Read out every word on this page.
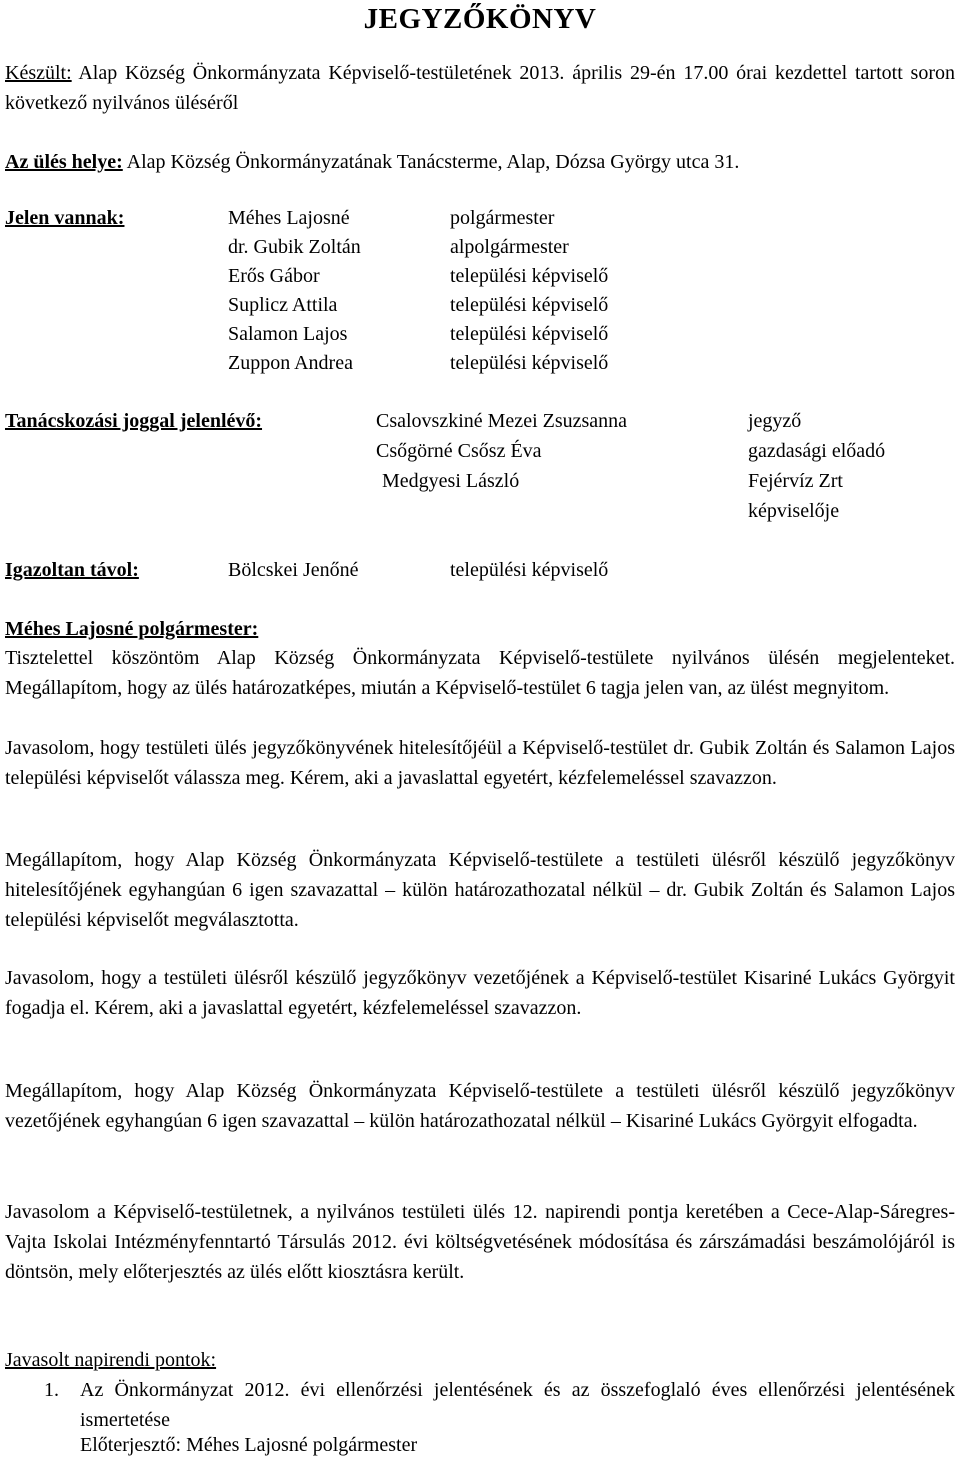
JEGYZŐKÖNYV

Készült: Alap Község Önkormányzata Képviselő-testületének 2013. április 29-én 17.00 órai kezdettel tartott soron következő nyilvános üléséről

Az ülés helye: Alap Község Önkormányzatának Tanácsterme, Alap, Dózsa György utca 31.
Jelen vannak:	Méhes Lajosné	polgármester
dr. Gubik Zoltán	alpolgármester
Erős Gábor	települési képviselő
Suplicz Attila	települési képviselő
Salamon Lajos	települési képviselő
Zuppon Andrea	települési képviselő
Tanácskozási joggal jelenlévő:	Csalovszkiné Mezei Zsuzsanna	jegyző
Csőgörné Csősz Éva	gazdasági előadó
Medgyesi László	Fejérvíz Zrt
képviselője
Igazoltan távol:	Bölcskei Jenőné	települési képviselő
Méhes Lajosné polgármester:

Tisztelettel köszöntöm Alap Község Önkormányzata Képviselő-testülete nyilvános ülésén megjelenteket. Megállapítom, hogy az ülés határozatképes, miután a Képviselő-testület 6 tagja jelen van, az ülést megnyitom.

Javasolom, hogy testületi ülés jegyzőkönyvének hitelesítőjéül a Képviselő-testület dr. Gubik Zoltán és Salamon Lajos települési képviselőt válassza meg. Kérem, aki a javaslattal egyetért, kézfelemeléssel szavazzon.

Megállapítom, hogy Alap Község Önkormányzata Képviselő-testülete a testületi ülésről készülő jegyzőkönyv hitelesítőjének egyhangúan 6 igen szavazattal – külön határozathozatal nélkül – dr. Gubik Zoltán és Salamon Lajos települési képviselőt megválasztotta.

Javasolom, hogy a testületi ülésről készülő jegyzőkönyv vezetőjének a Képviselő-testület Kisariné Lukács Györgyit fogadja el. Kérem, aki a javaslattal egyetért, kézfelemeléssel szavazzon.

Megállapítom, hogy Alap Község Önkormányzata Képviselő-testülete a testületi ülésről készülő jegyzőkönyv vezetőjének egyhangúan 6 igen szavazattal – külön határozathozatal nélkül – Kisariné Lukács Györgyit elfogadta.

Javasolom a Képviselő-testületnek, a nyilvános testületi ülés 12. napirendi pontja keretében a Cece-Alap-Sáregres-Vajta Iskolai Intézményfenntartó Társulás 2012. évi költségvetésének módosítása és zárszámadási beszámolójáról is döntsön, mely előterjesztés az ülés előtt kiosztásra került.

Javasolt napirendi pontok:
1. Az Önkormányzat 2012. évi ellenőrzési jelentésének és az összefoglaló éves ellenőrzési jelentésének ismertetése

Előterjesztő: Méhes Lajosné polgármester
